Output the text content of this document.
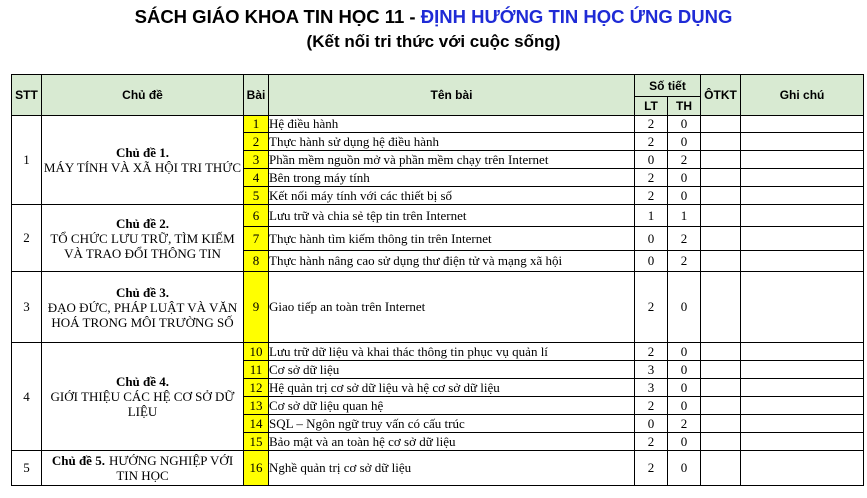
SÁCH GIÁO KHOA TIN HỌC 11 - ĐỊNH HƯỚNG TIN HỌC ỨNG DỤNG
(Kết nối tri thức với cuộc sống)
STT	Chủ đề	Bài	Tên bài	Số tiết		ÔTKT	Ghi chú
				LT	TH		
1	Chủ đề 1.
MÁY TÍNH VÀ XÃ HỘI TRI THỨC	1	Hệ điều hành	2	0		
		2	Thực hành sử dụng hệ điều hành	2	0		
		3	Phần mềm nguồn mở và phần mềm chạy trên Internet	0	2		
		4	Bên trong máy tính	2	0		
		5	Kết nối máy tính với các thiết bị số	2	0		
2	Chủ đề 2.
TỔ CHỨC LƯU TRỮ, TÌM KIẾM VÀ TRAO ĐỔI THÔNG TIN	6	Lưu trữ và chia sẻ tệp tin trên Internet	1	1		
		7	Thực hành tìm kiếm thông tin trên Internet	0	2		
		8	Thực hành nâng cao sử dụng thư điện tử và mạng xã hội	0	2		
3	Chủ đề 3.
ĐẠO ĐỨC, PHÁP LUẬT VÀ VĂN HOÁ TRONG MÔI TRƯỜNG SỐ	9	Giao tiếp an toàn trên Internet	2	0		
4	Chủ đề 4.
GIỚI THIỆU CÁC HỆ CƠ SỞ DỮ LIỆU	10	Lưu trữ dữ liệu và khai thác thông tin phục vụ quản lí	2	0		
		11	Cơ sở dữ liệu	3	0		
		12	Hệ quản trị cơ sở dữ liệu và hệ cơ sở dữ liệu	3	0		
		13	Cơ sở dữ liệu quan hệ	2	0		
		14	SQL – Ngôn ngữ truy vấn có cấu trúc	0	2		
		15	Bảo mật và an toàn hệ cơ sở dữ liệu	2	0		
5	Chủ đề 5. HƯỚNG NGHIỆP VỚI TIN HỌC	16	Nghề quản trị cơ sở dữ liệu	2	0		
